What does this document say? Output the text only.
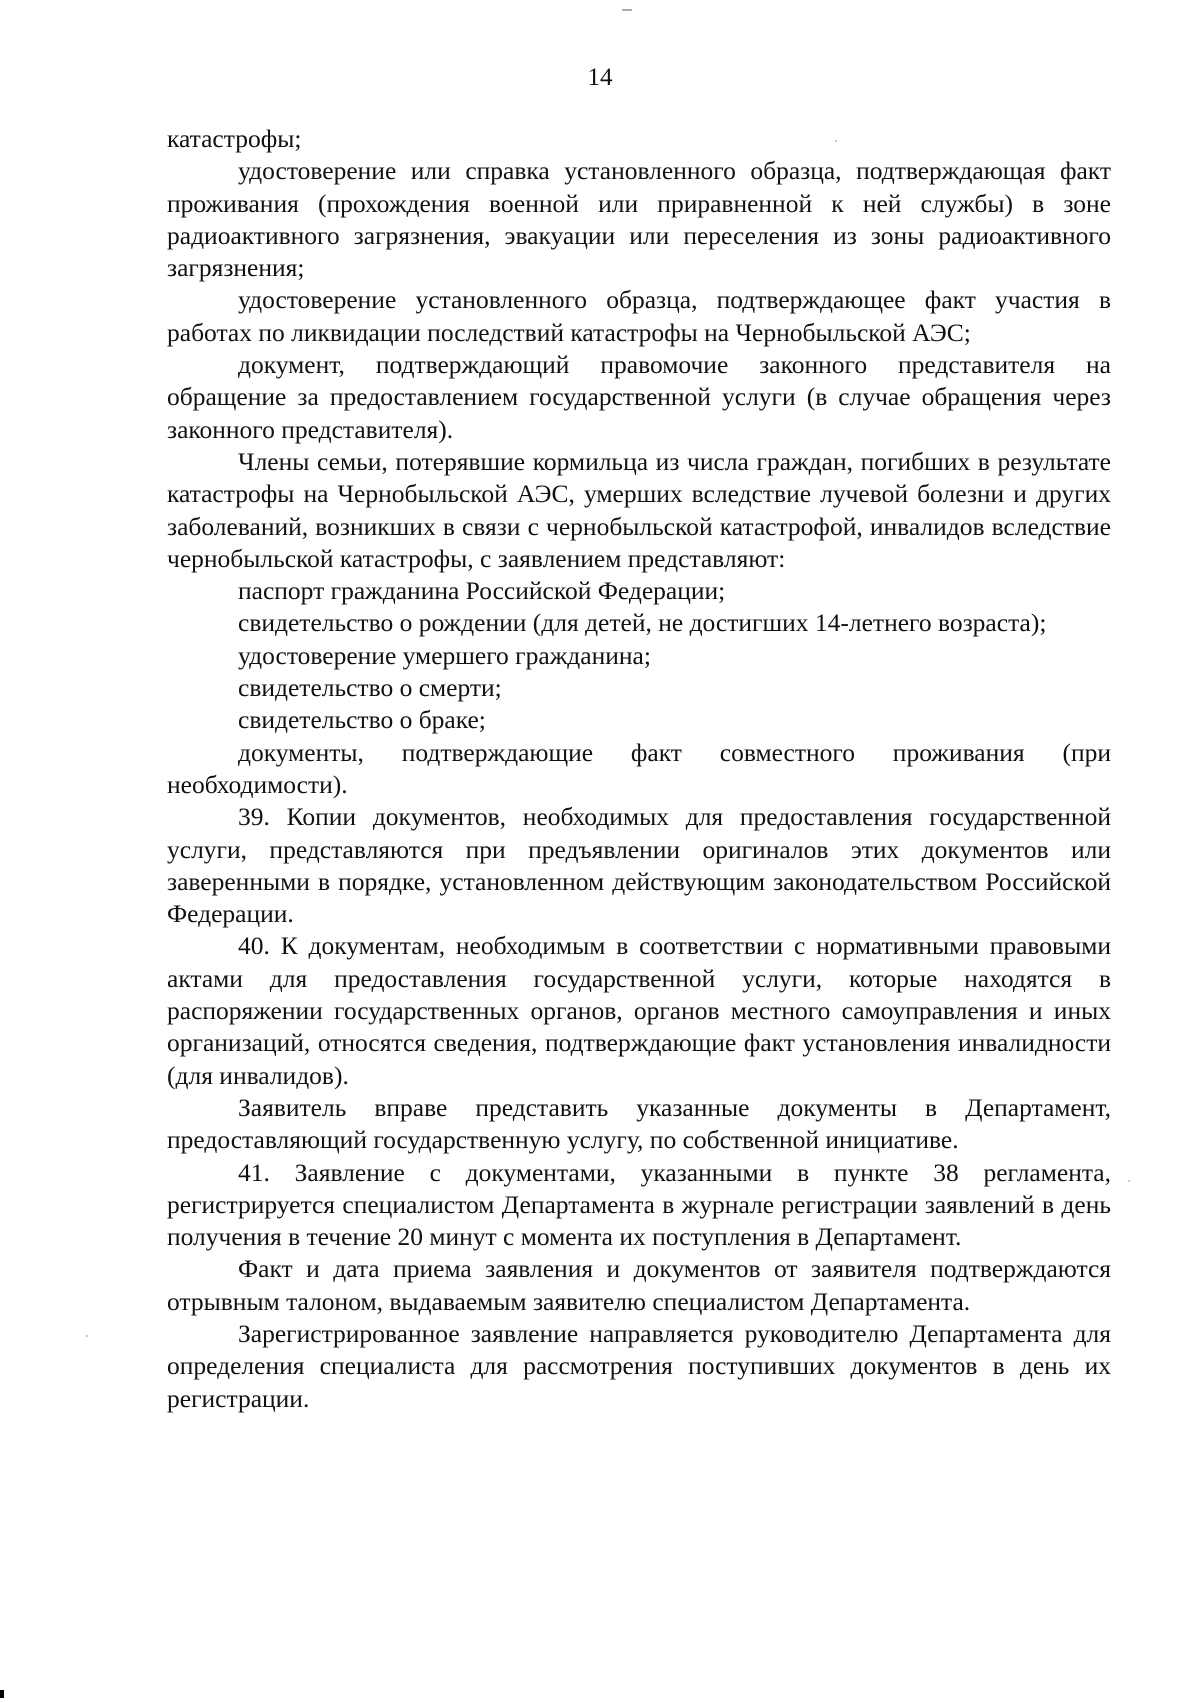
14

катастрофы;

удостоверение или справка установленного образца, подтверждающая факт проживания (прохождения военной или приравненной к ней службы) в зоне радиоактивного загрязнения, эвакуации или переселения из зоны радиоактивного загрязнения;

удостоверение установленного образца, подтверждающее факт участия в работах по ликвидации последствий катастрофы на Чернобыльской АЭС;

документ, подтверждающий правомочие законного представителя на обращение за предоставлением государственной услуги (в случае обращения через законного представителя).

Члены семьи, потерявшие кормильца из числа граждан, погибших в результате катастрофы на Чернобыльской АЭС, умерших вследствие лучевой болезни и других заболеваний, возникших в связи с чернобыльской катастрофой, инвалидов вследствие чернобыльской катастрофы, с заявлением представляют:

паспорт гражданина Российской Федерации;

свидетельство о рождении (для детей, не достигших 14-летнего возраста);

удостоверение умершего гражданина;

свидетельство о смерти;

свидетельство о браке;

документы, подтверждающие факт совместного проживания (при необходимости).

39. Копии документов, необходимых для предоставления государственной услуги, представляются при предъявлении оригиналов этих документов или заверенными в порядке, установленном действующим законодательством Российской Федерации.

40. К документам, необходимым в соответствии с нормативными правовыми актами для предоставления государственной услуги, которые находятся в распоряжении государственных органов, органов местного самоуправления и иных организаций, относятся сведения, подтверждающие факт установления инвалидности (для инвалидов).

Заявитель вправе представить указанные документы в Департамент, предоставляющий государственную услугу, по собственной инициативе.

41. Заявление с документами, указанными в пункте 38 регламента, регистрируется специалистом Департамента в журнале регистрации заявлений в день получения в течение 20 минут с момента их поступления в Департамент.

Факт и дата приема заявления и документов от заявителя подтверждаются отрывным талоном, выдаваемым заявителю специалистом Департамента.

Зарегистрированное заявление направляется руководителю Департамента для определения специалиста для рассмотрения поступивших документов в день их регистрации.
